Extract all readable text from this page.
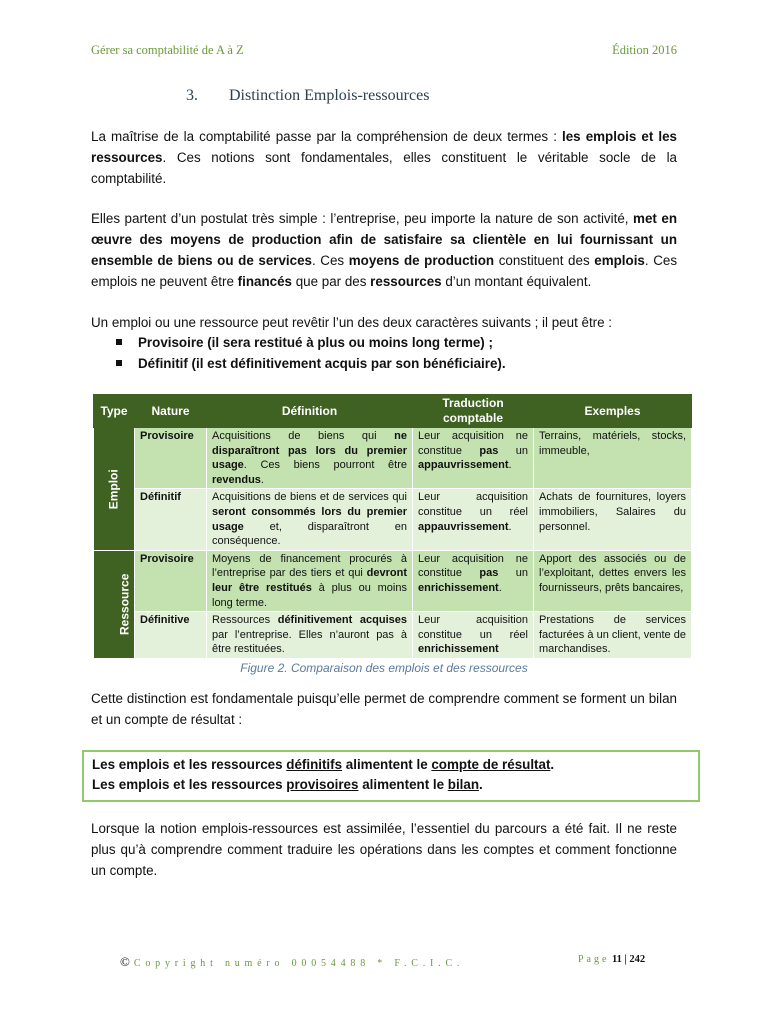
Gérer sa comptabilité de A à Z	Édition 2016
3. Distinction Emplois-ressources
La maîtrise de la comptabilité passe par la compréhension de deux termes : les emplois et les ressources. Ces notions sont fondamentales, elles constituent le véritable socle de la comptabilité.
Elles partent d’un postulat très simple : l’entreprise, peu importe la nature de son activité, met en œuvre des moyens de production afin de satisfaire sa clientèle en lui fournissant un ensemble de biens ou de services. Ces moyens de production constituent des emplois. Ces emplois ne peuvent être financés que par des ressources d’un montant équivalent.
Un emploi ou une ressource peut revêtir l’un des deux caractères suivants ; il peut être :
Provisoire (il sera restitué à plus ou moins long terme) ;
Définitif (il est définitivement acquis par son bénéficiaire).
Type	Nature	Définition	Traduction comptable	Exemples
Emploi	Provisoire	Acquisitions de biens qui ne disparaîtront pas lors du premier usage. Ces biens pourront être revendus.	Leur acquisition ne constitue pas un appauvrissement.	Terrains, matériels, stocks, immeuble,
	Définitif	Acquisitions de biens et de services qui seront consommés lors du premier usage et, disparaîtront en conséquence.	Leur acquisition constitue un réel appauvrissement.	Achats de fournitures, loyers immobiliers, Salaires du personnel.
Ressource	Provisoire	Moyens de financement procurés à l’entreprise par des tiers et qui devront leur être restitués à plus ou moins long terme.	Leur acquisition ne constitue pas un enrichissement.	Apport des associés ou de l’exploitant, dettes envers les fournisseurs, prêts bancaires,
	Définitive	Ressources définitivement acquises par l’entreprise. Elles n’auront pas à être restituées.	Leur acquisition constitue un réel enrichissement	Prestations de services facturées à un client, vente de marchandises.
Figure 2. Comparaison des emplois et des ressources
Cette distinction est fondamentale puisqu’elle permet de comprendre comment se forment un bilan et un compte de résultat :
Les emplois et les ressources définitifs alimentent le compte de résultat.
Les emplois et les ressources provisoires alimentent le bilan.
Lorsque la notion emplois-ressources est assimilée, l’essentiel du parcours a été fait. Il ne reste plus qu’à comprendre comment traduire les opérations dans les comptes et comment fonctionne un compte.
© Copyright numéro 00054488 * F.C.I.C.	Page 11 | 242
